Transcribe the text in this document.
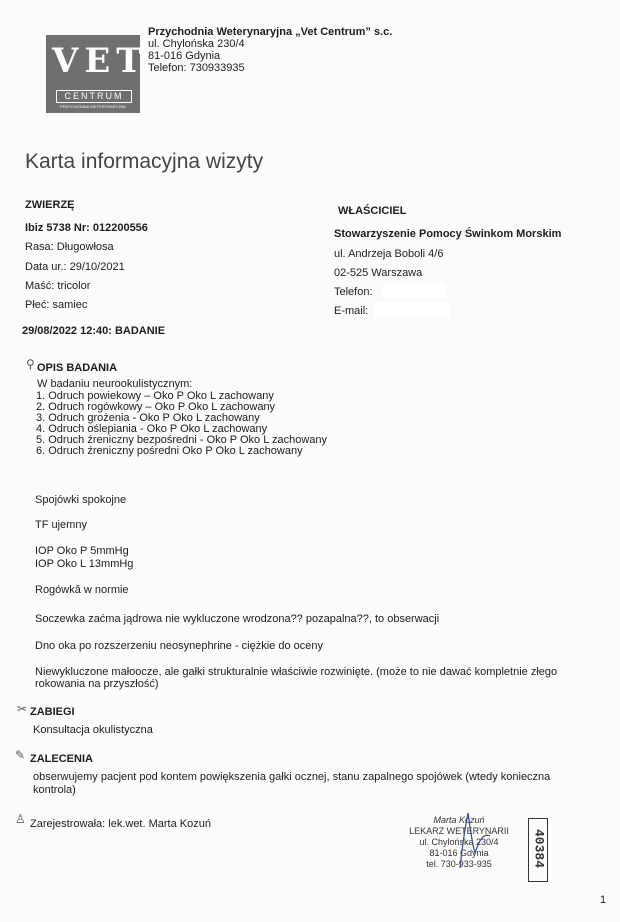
VET
CENTRUM
PRZYCHODNIA WETERYNARYJNA
Przychodnia Weterynaryjna „Vet Centrum” s.c.
ul. Chylońska 230/4
81-016 Gdynia
Telefon: 730933935
Karta informacyjna wizyty
ZWIERZĘ
Ibiz 5738 Nr: 012200556
Rasa: Długowłosa
Data ur.: 29/10/2021
Maść: tricolor
Płeć: samiec
WŁAŚCICIEL
Stowarzyszenie Pomocy Świnkom Morskim
ul. Andrzeja Boboli 4/6
02-525 Warszawa
Telefon:
E-mail:
29/08/2022 12:40: BADANIE
⚲ OPIS BADANIA
W badaniu neurookulistycznym:
1. Odruch powiekowy – Oko P Oko L zachowany
2. Odruch rogówkowy – Oko P Oko L zachowany
3. Odruch grożenia - Oko P Oko L zachowany
4. Odruch oślepiania - Oko P Oko L zachowany
5. Odruch źreniczny bezpośredni - Oko P Oko L zachowany
6. Odruch źreniczny pośredni Oko P Oko L zachowany
Spojówki spokojne
TF ujemny
IOP Oko P 5mmHg
IOP Oko L 13mmHg
Rogówkă w normie
Soczewka zaćma jądrowa nie wykluczone wrodzona?? pozapalna??, to obserwacji
Dno oka po rozszerzeniu neosynephrine - ciężkie do oceny
Niewykluczone małoocze, ale gałki strukturalnie właściwie rozwinięte. (może to nie dawać kompletnie złego
rokowania na przyszłość)
✂ ZABIEGI
Konsultacja okulistyczna
✎ ZALECENIA
obserwujemy pacjent pod kontem powiększenia gałki ocznej, stanu zapalnego spojówek (wtedy konieczna
kontrola)
♙ Zarejestrowała: lek.wet. Marta Kozuń	Marta Kozuń
LEKARZ WETERYNARII
ul. Chylońska 230/4
81-016 Gdynia
tel. 730-933-935	40384
1
